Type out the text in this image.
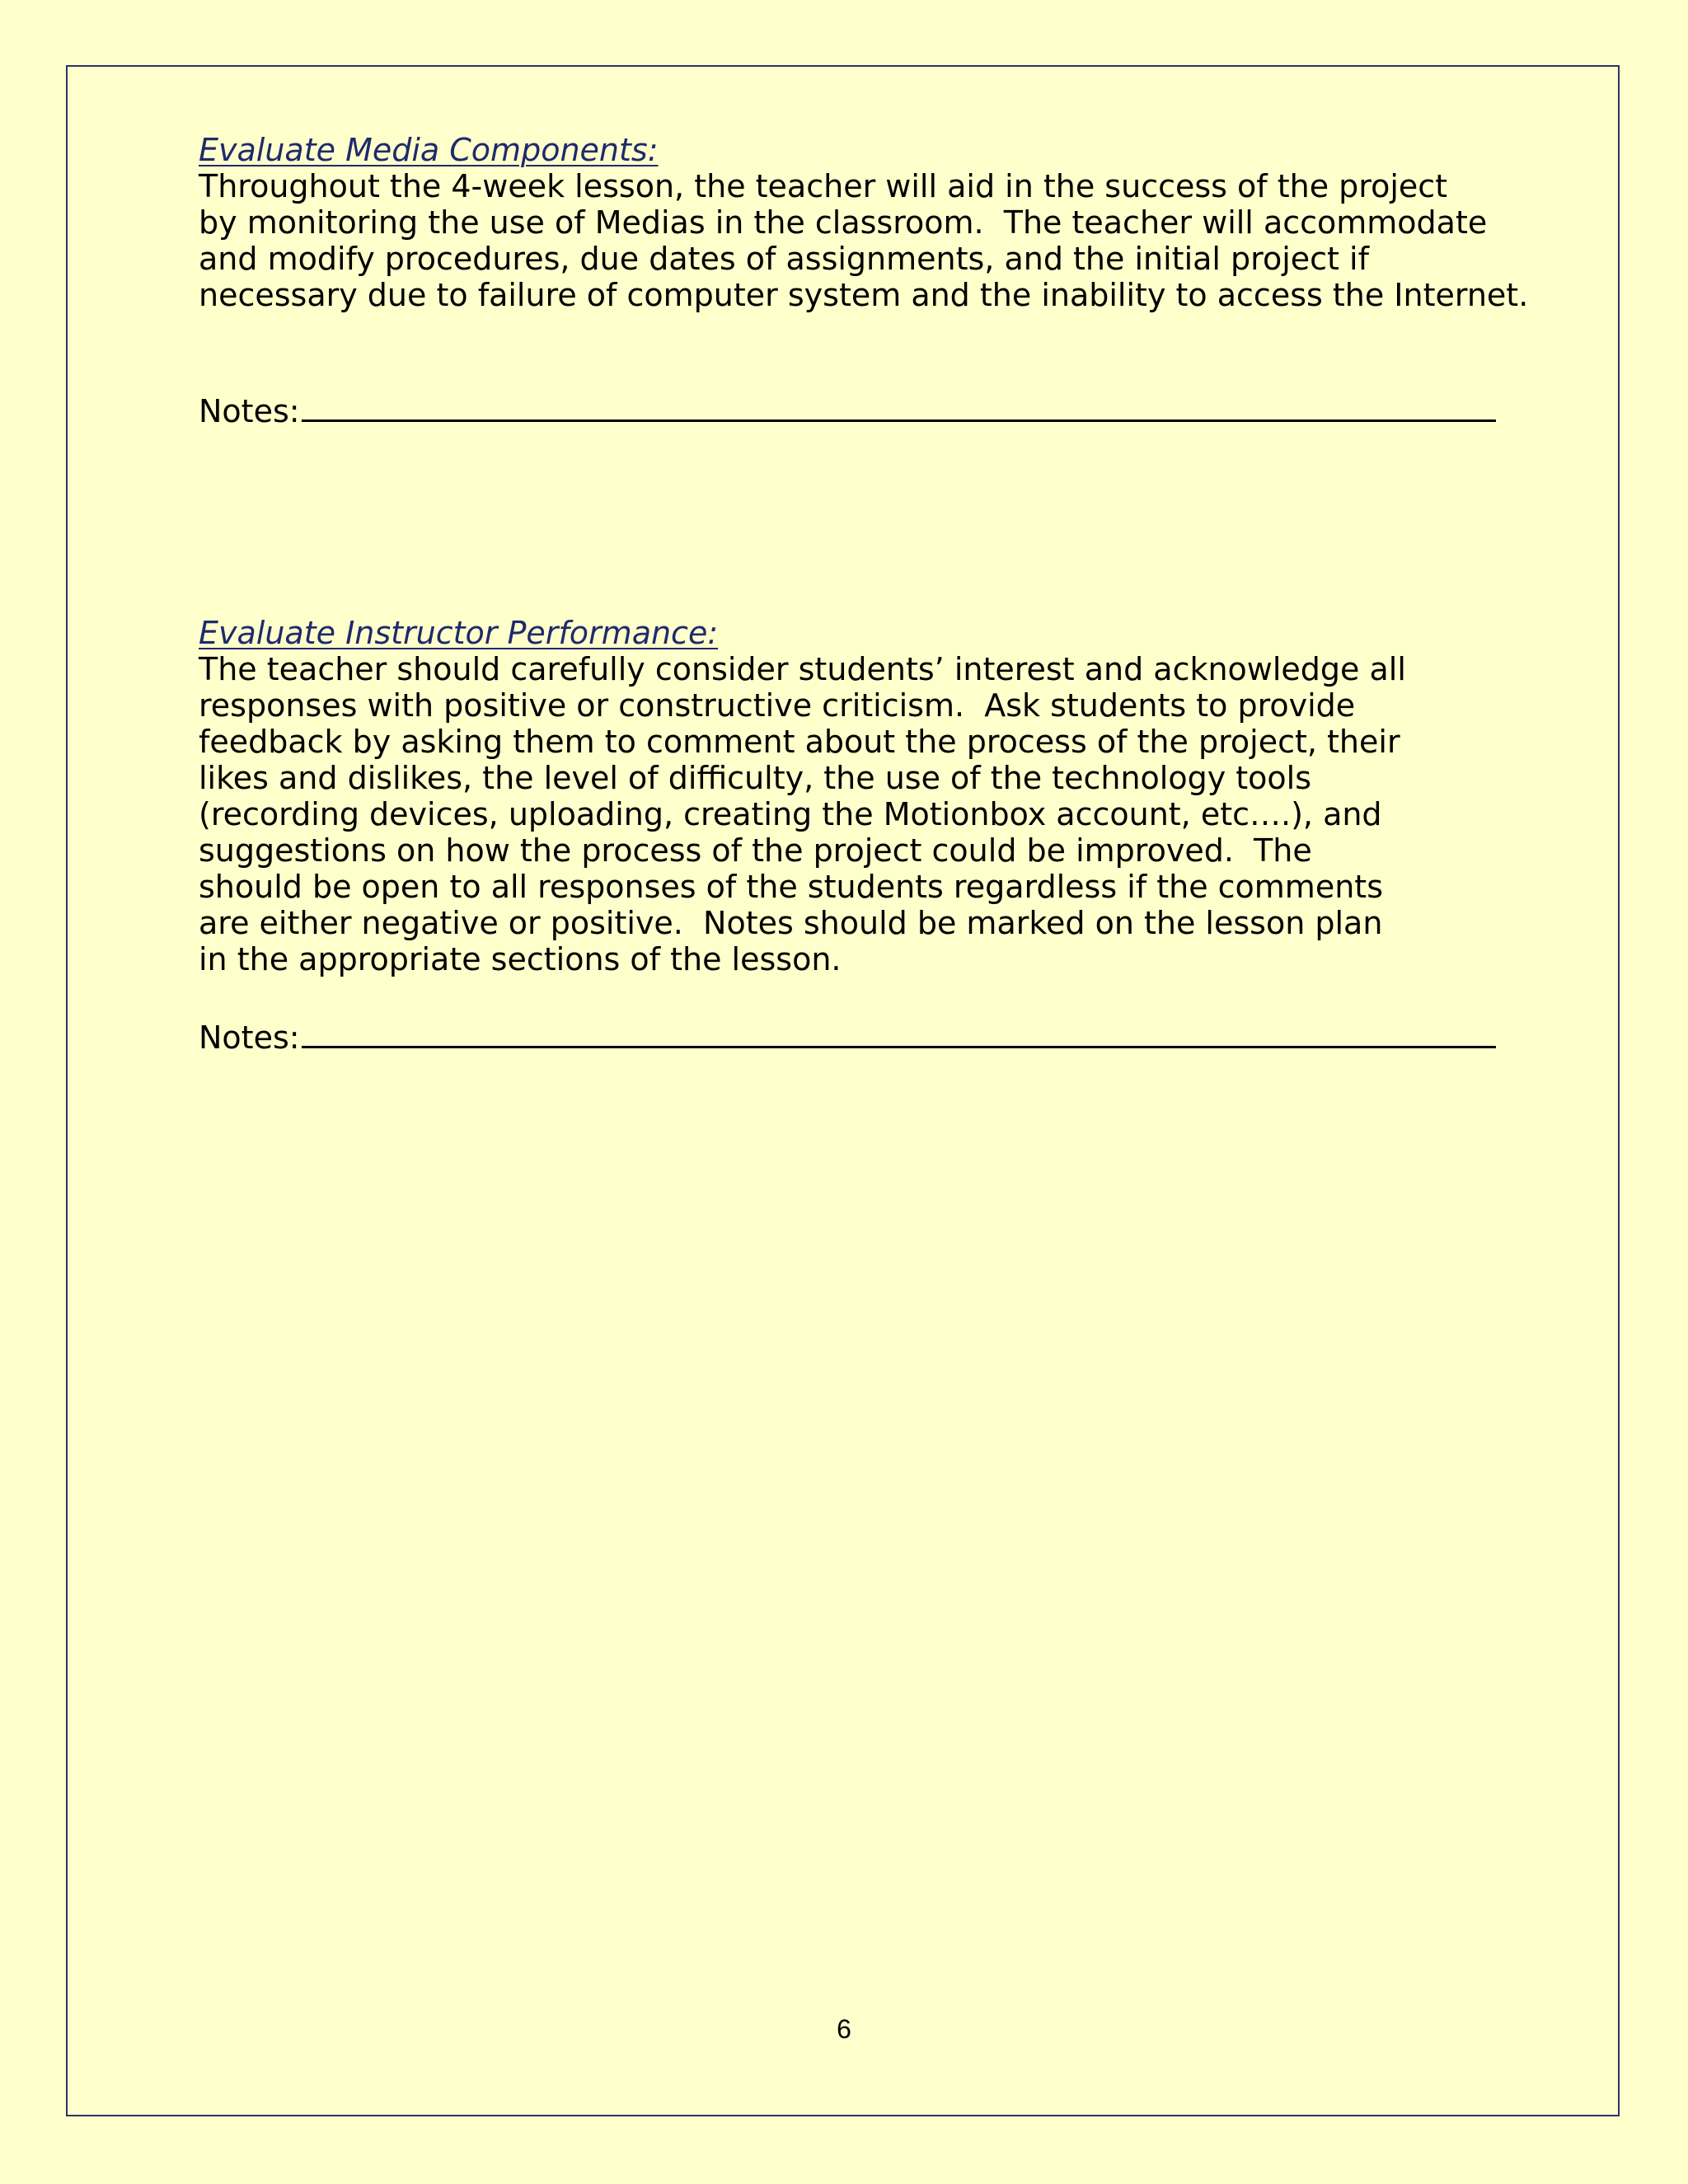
Evaluate Media Components:
Throughout the 4-week lesson, the teacher will aid in the success of the project
by monitoring the use of Medias in the classroom.  The teacher will accommodate
and modify procedures, due dates of assignments, and the initial project if
necessary due to failure of computer system and the inability to access the Internet.
Notes:
Evaluate Instructor Performance:
The teacher should carefully consider students’ interest and acknowledge all
responses with positive or constructive criticism.  Ask students to provide
feedback by asking them to comment about the process of the project, their
likes and dislikes, the level of difficulty, the use of the technology tools
(recording devices, uploading, creating the Motionbox account, etc….), and
suggestions on how the process of the project could be improved.  The
should be open to all responses of the students regardless if the comments
are either negative or positive.  Notes should be marked on the lesson plan
in the appropriate sections of the lesson.
Notes:
6
